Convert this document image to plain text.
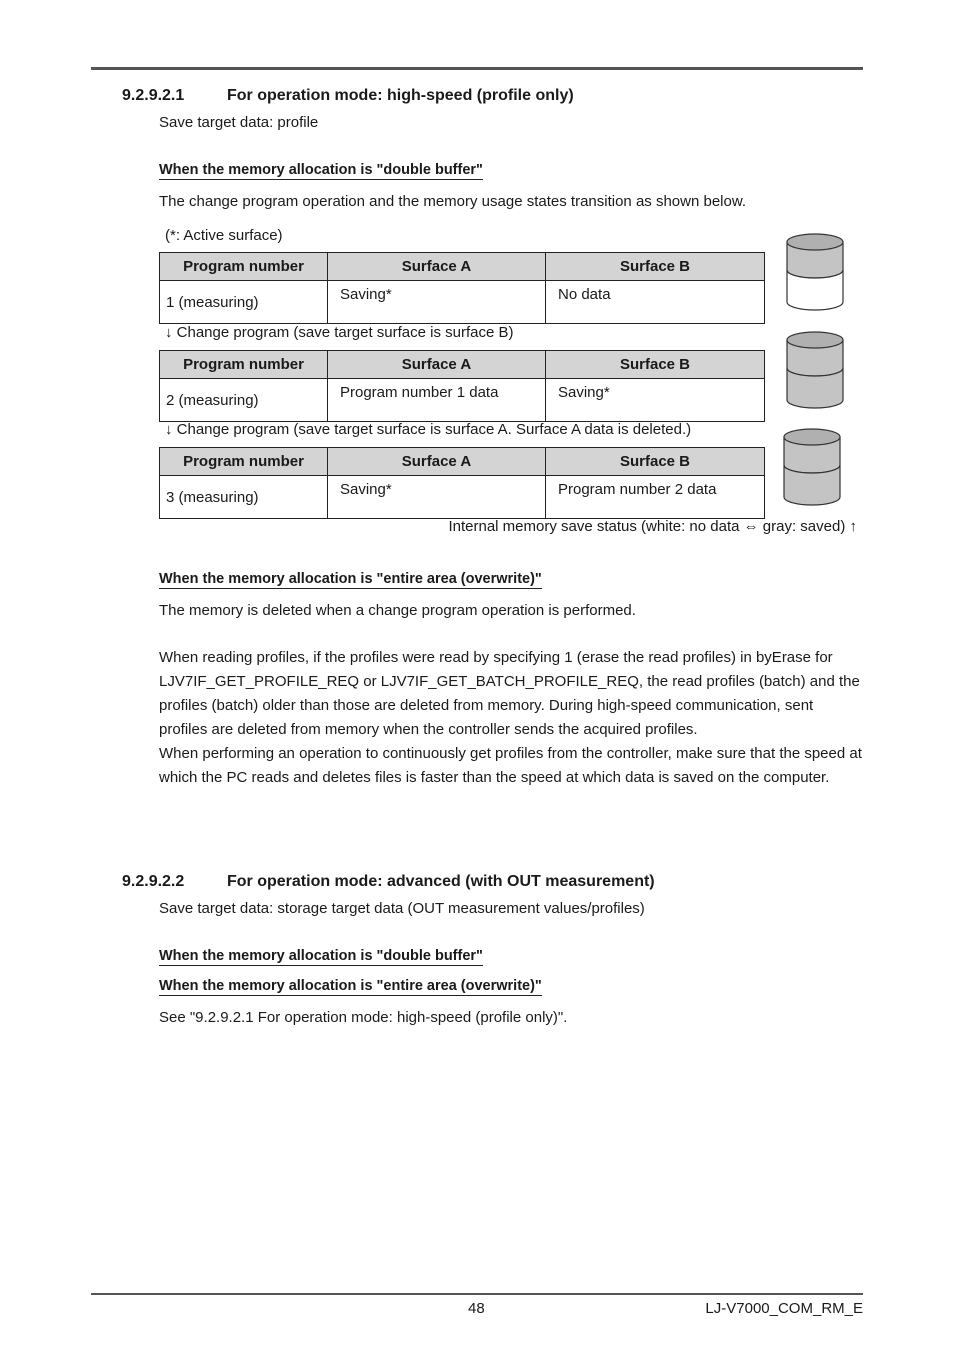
9.2.9.2.1	For operation mode: high-speed (profile only)
Save target data: profile
When the memory allocation is "double buffer"
The change program operation and the memory usage states transition as shown below.
(*: Active surface)
Program number	Surface A	Surface B
1 (measuring)	Saving*	No data
↓ Change program (save target surface is surface B)
Program number	Surface A	Surface B
2 (measuring)	Program number 1 data	Saving*
↓ Change program (save target surface is surface A. Surface A data is deleted.)
Program number	Surface A	Surface B
3 (measuring)	Saving*	Program number 2 data
Internal memory save status (white: no data ⇔ gray: saved) ↑
When the memory allocation is "entire area (overwrite)"
The memory is deleted when a change program operation is performed.

When reading profiles, if the profiles were read by specifying 1 (erase the read profiles) in byErase for LJV7IF_GET_PROFILE_REQ or LJV7IF_GET_BATCH_PROFILE_REQ, the read profiles (batch) and the profiles (batch) older than those are deleted from memory. During high-speed communication, sent profiles are deleted from memory when the controller sends the acquired profiles.

When performing an operation to continuously get profiles from the controller, make sure that the speed at which the PC reads and deletes files is faster than the speed at which data is saved on the computer.

9.2.9.2.2	For operation mode: advanced (with OUT measurement)
Save target data: storage target data (OUT measurement values/profiles)
When the memory allocation is "double buffer"
When the memory allocation is "entire area (overwrite)"
See "9.2.9.2.1 For operation mode: high-speed (profile only)".
48	LJ-V7000_COM_RM_E
